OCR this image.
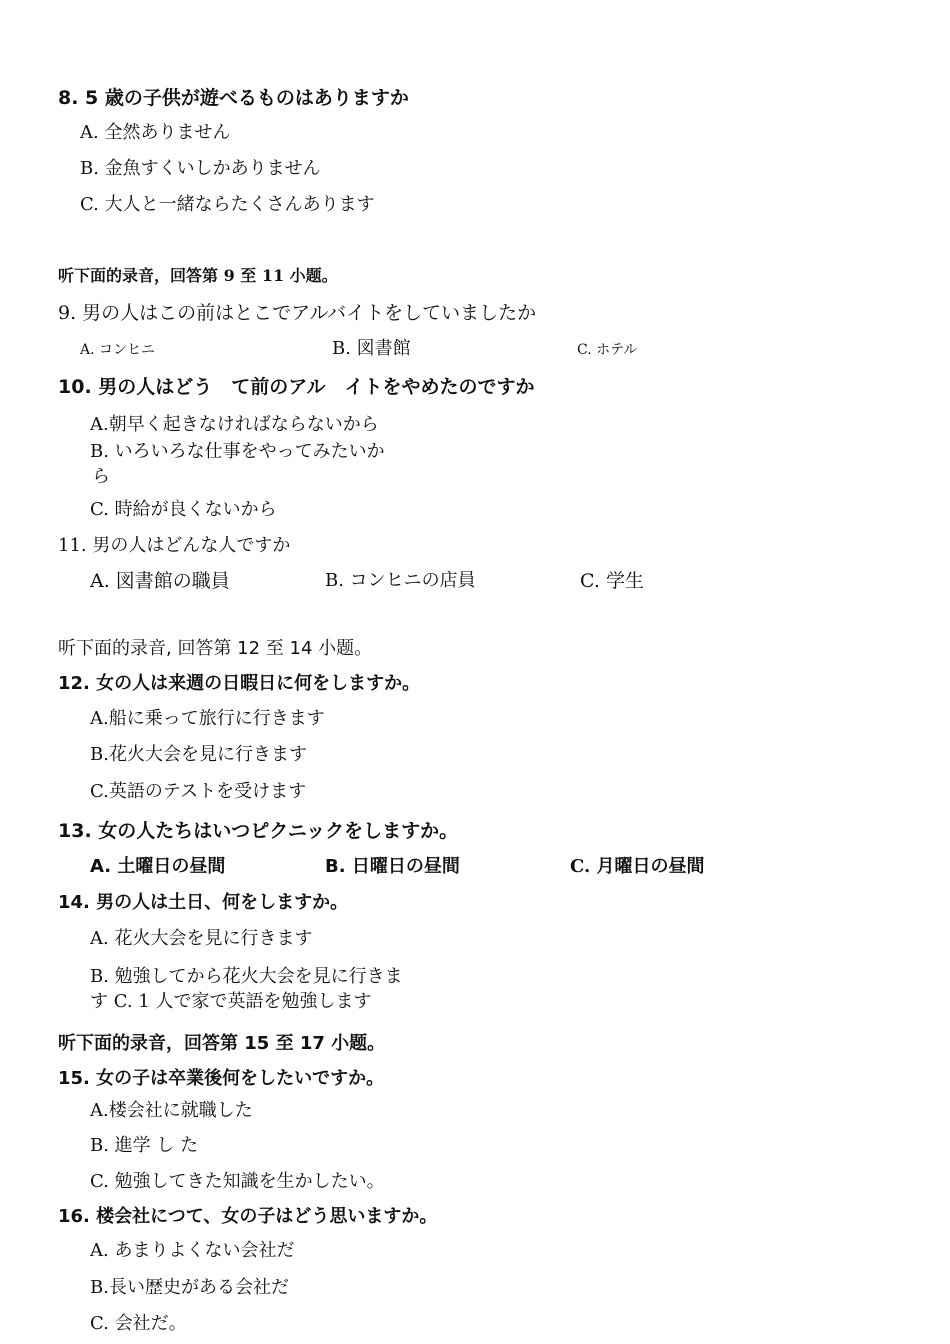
8. 5 歳の子供が遊べるものはありますか
A. 全然ありません
B. 金魚すくいしかありません
C. 大人と一緒ならたくさんあります
听下面的录音，回答第 9 至 11 小题。
9. 男の人はこの前はとこでアルバイトをしていましたか
A. コンヒニ	B. 図書館	C. ホテル
10. 男の人はどう　て前のアル　イトをやめたのですか
A.朝早く起きなければならないから
B. いろいろな仕事をやってみたいか
ら
C. 時給が良くないから
11. 男の人はどんな人ですか
A. 図書館の職員	B. コンヒニの店員	C. 学生
听下面的录音, 回答第 12 至 14 小题。
12. 女の人は来週の日暇日に何をしますか。
A.船に乗って旅行に行きます
B.花火大会を見に行きます
C.英語のテストを受けます
13. 女の人たちはいつピクニックをしますか。
A. 土曜日の昼間	B. 日曜日の昼間	C. 月曜日の昼間
14. 男の人は土日、何をしますか。
A. 花火大会を見に行きます
B. 勉強してから花火大会を見に行きま
す C. 1 人で家で英語を勉強します
听下面的录音，回答第 15 至 17 小题。
15. 女の子は卒業後何をしたいですか。
A.楼会社に就職した
B. 進学 し た
C. 勉強してきた知識を生かしたい。
16. 楼会社につて、女の子はどう思いますか。
A. あまりよくない会社だ
B.長い歴史がある会社だ
C. 会社だ。
